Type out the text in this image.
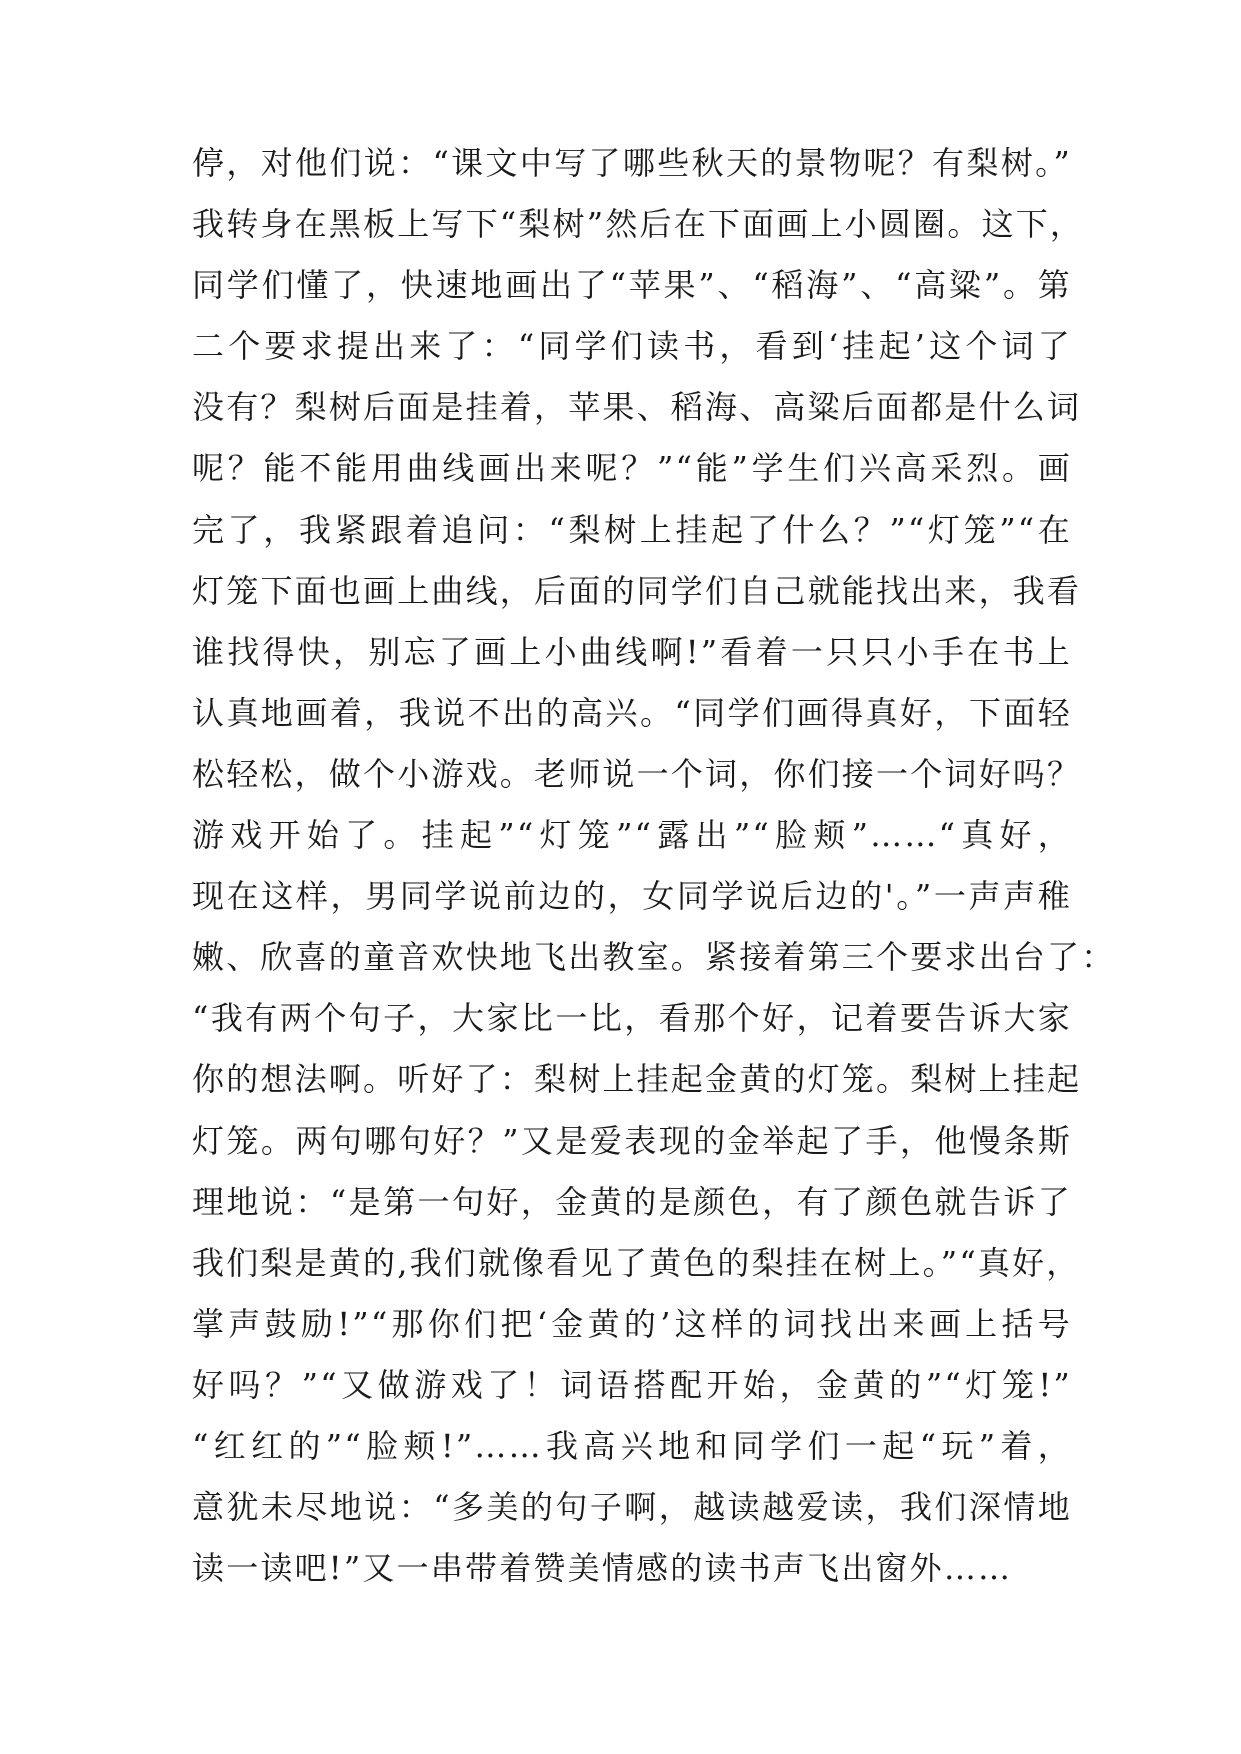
停，对他们说：“课文中写了哪些秋天的景物呢？有梨树。”
我转身在黑板上写下“梨树”然后在下面画上小圆圈。这下，
同学们懂了，快速地画出了“苹果”、“稻海”、“高粱”。第
二个要求提出来了：“同学们读书，看到‘挂起’这个词了
没有？梨树后面是挂着，苹果、稻海、高粱后面都是什么词
呢？能不能用曲线画出来呢？”“能”学生们兴高采烈。画
完了，我紧跟着追问：“梨树上挂起了什么？”“灯笼”“在
灯笼下面也画上曲线，后面的同学们自己就能找出来，我看
谁找得快，别忘了画上小曲线啊!”看着一只只小手在书上
认真地画着，我说不出的高兴。“同学们画得真好，下面轻
松轻松，做个小游戏。老师说一个词，你们接一个词好吗？
游戏开始了。挂起”“灯笼”“露出”“脸颊”……“真好，
现在这样，男同学说前边的，女同学说后边的'。”一声声稚
嫩、欣喜的童音欢快地飞出教室。紧接着第三个要求出台了：
“我有两个句子，大家比一比，看那个好，记着要告诉大家
你的想法啊。听好了：梨树上挂起金黄的灯笼。梨树上挂起
灯笼。两句哪句好？”又是爱表现的金举起了手，他慢条斯
理地说：“是第一句好，金黄的是颜色，有了颜色就告诉了
我们梨是黄的,我们就像看见了黄色的梨挂在树上。”“真好，
掌声鼓励!”“那你们把‘金黄的’这样的词找出来画上括号
好吗？”“又做游戏了！词语搭配开始，金黄的”“灯笼!”
“红红的”“脸颊!”……我高兴地和同学们一起“玩”着，
意犹未尽地说：“多美的句子啊，越读越爱读，我们深情地
读一读吧!”又一串带着赞美情感的读书声飞出窗外……
